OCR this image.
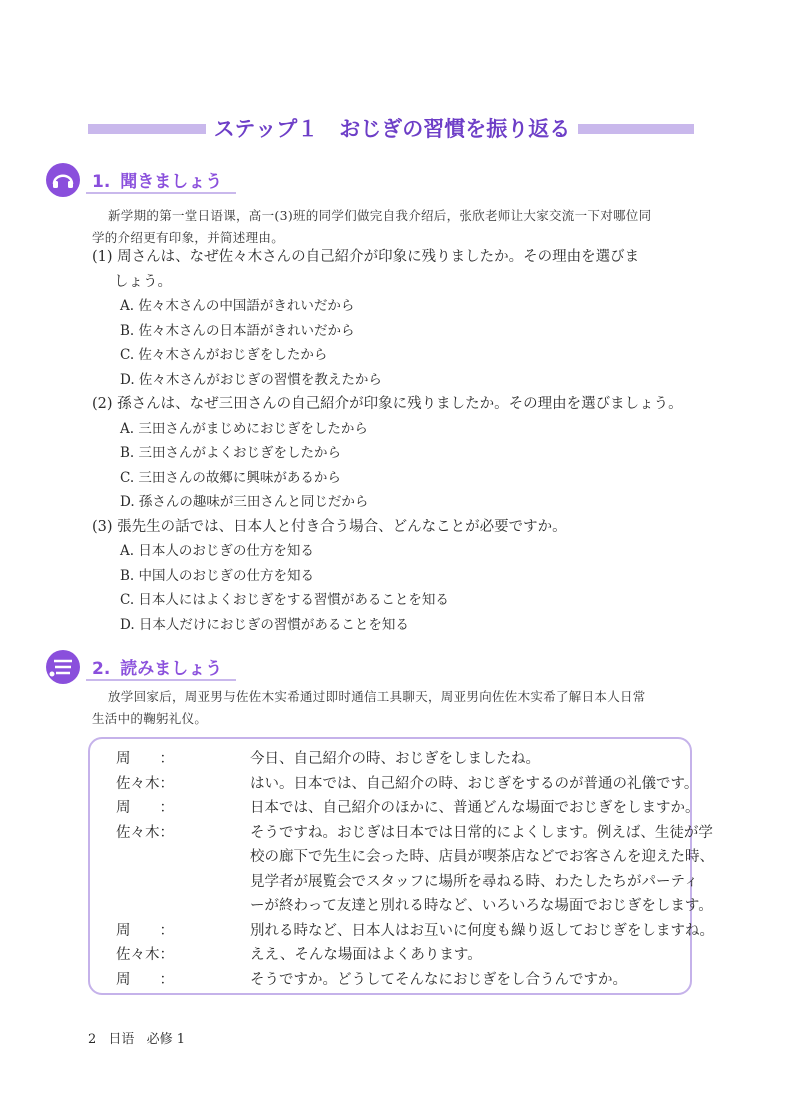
ステップ１　おじぎの習慣を振り返る
1. 聞きましょう
新学期的第一堂日语课，高一(3)班的同学们做完自我介绍后，张欣老师让大家交流一下对哪位同
学的介绍更有印象，并简述理由。
(1) 周さんは、なぜ佐々木さんの自己紹介が印象に残りましたか。その理由を選びま
しょう。
A. 佐々木さんの中国語がきれいだから
B. 佐々木さんの日本語がきれいだから
C. 佐々木さんがおじぎをしたから
D. 佐々木さんがおじぎの習慣を教えたから
(2) 孫さんは、なぜ三田さんの自己紹介が印象に残りましたか。その理由を選びましょう。
A. 三田さんがまじめにおじぎをしたから
B. 三田さんがよくおじぎをしたから
C. 三田さんの故郷に興味があるから
D. 孫さんの趣味が三田さんと同じだから
(3) 張先生の話では、日本人と付き合う場合、どんなことが必要ですか。
A. 日本人のおじぎの仕方を知る
B. 中国人のおじぎの仕方を知る
C. 日本人にはよくおじぎをする習慣があることを知る
D. 日本人だけにおじぎの習慣があることを知る
2. 読みましょう
放学回家后，周亚男与佐佐木实希通过即时通信工具聊天，周亚男向佐佐木实希了解日本人日常
生活中的鞠躬礼仪。
周　　：	今日、自己紹介の時、おじぎをしましたね。
佐々木：	はい。日本では、自己紹介の時、おじぎをするのが普通の礼儀です。
周　　：	日本では、自己紹介のほかに、普通どんな場面でおじぎをしますか。
佐々木：	そうですね。おじぎは日本では日常的によくします。例えば、生徒が学
校の廊下で先生に会った時、店員が喫茶店などでお客さんを迎えた時、
見学者が展覧会でスタッフに場所を尋ねる時、わたしたちがパーティ
ーが終わって友達と別れる時など、いろいろな場面でおじぎをします。
周　　：	別れる時など、日本人はお互いに何度も繰り返しておじぎをしますね。
佐々木：	ええ、そんな場面はよくあります。
周　　：	そうですか。どうしてそんなにおじぎをし合うんですか。
2 日语 必修 1
